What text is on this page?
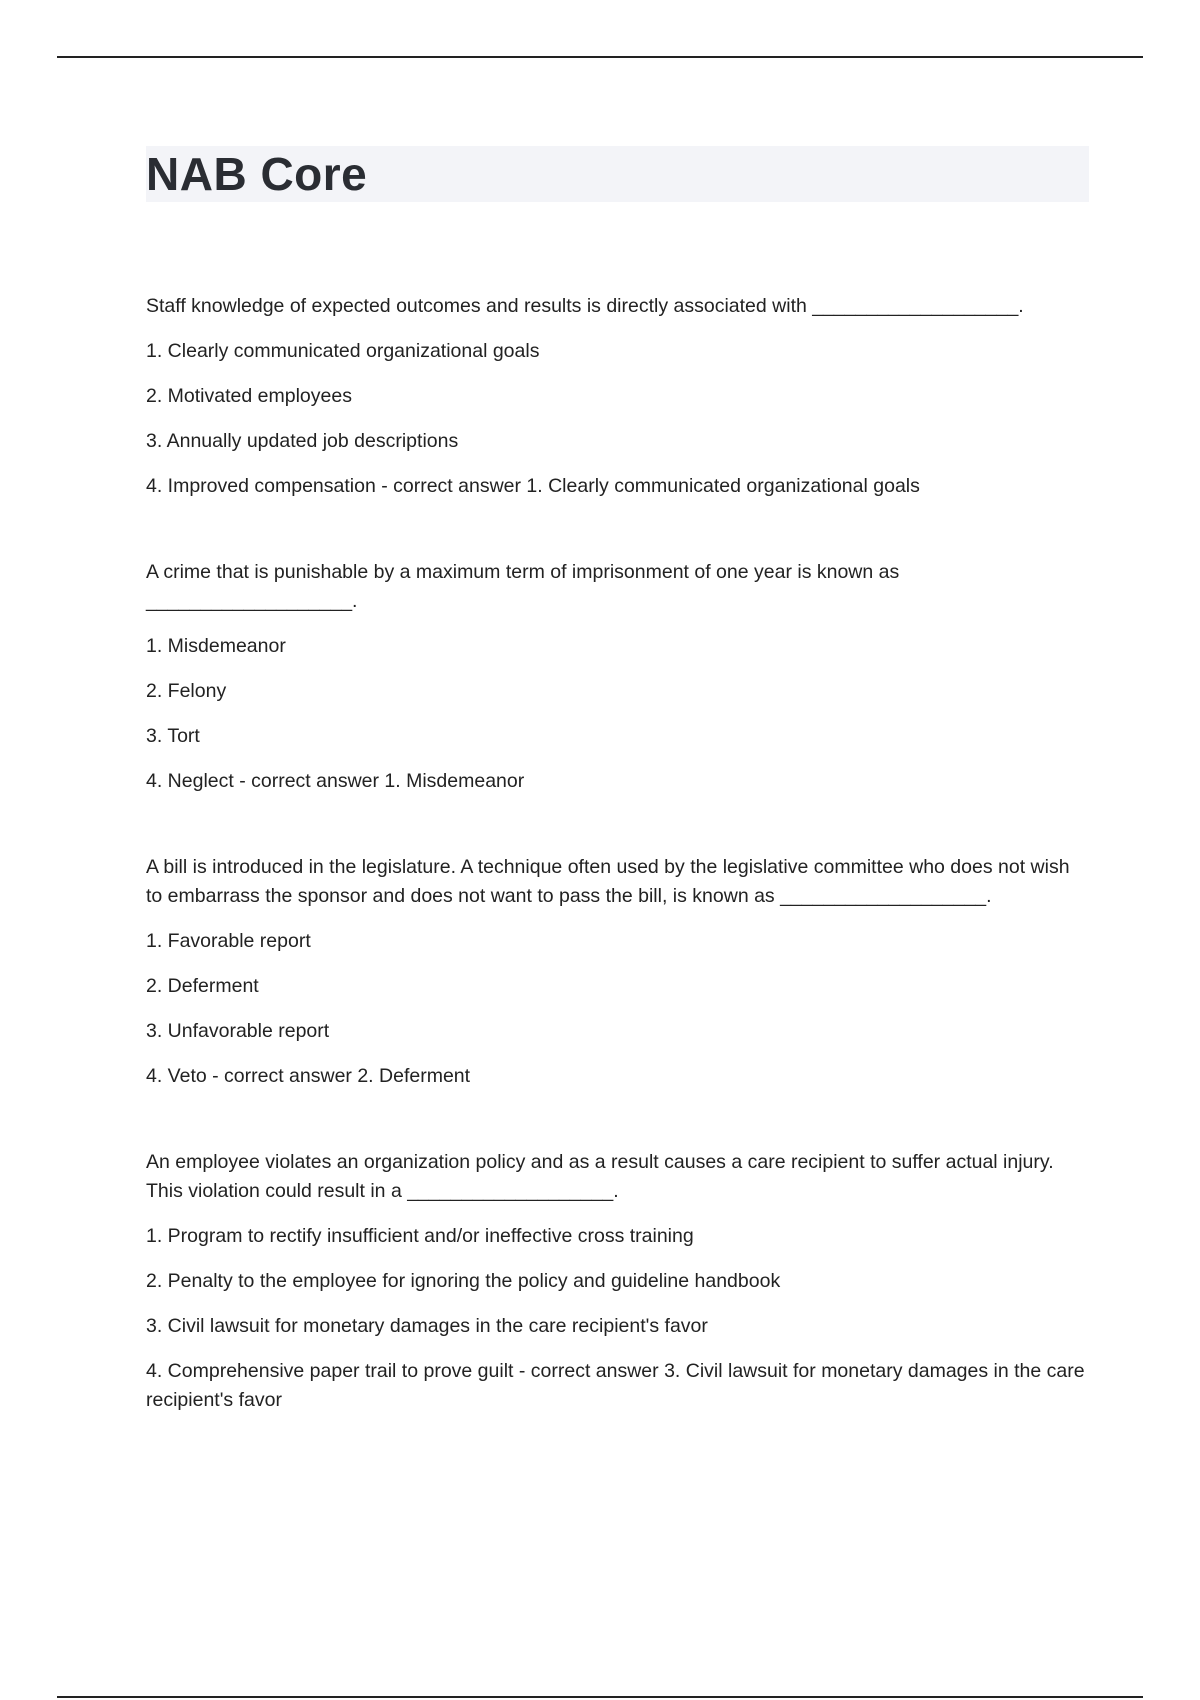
NAB Core

Staff knowledge of expected outcomes and results is directly associated with ___________________.

1. Clearly communicated organizational goals

2. Motivated employees

3. Annually updated job descriptions

4. Improved compensation - correct answer 1. Clearly communicated organizational goals

A crime that is punishable by a maximum term of imprisonment of one year is known as ___________________.

1. Misdemeanor

2. Felony

3. Tort

4. Neglect - correct answer 1. Misdemeanor

A bill is introduced in the legislature. A technique often used by the legislative committee who does not wish to embarrass the sponsor and does not want to pass the bill, is known as ___________________.

1. Favorable report

2. Deferment

3. Unfavorable report

4. Veto - correct answer 2. Deferment

An employee violates an organization policy and as a result causes a care recipient to suffer actual injury. This violation could result in a ___________________.

1. Program to rectify insufficient and/or ineffective cross training

2. Penalty to the employee for ignoring the policy and guideline handbook

3. Civil lawsuit for monetary damages in the care recipient's favor

4. Comprehensive paper trail to prove guilt - correct answer 3. Civil lawsuit for monetary damages in the care recipient's favor
